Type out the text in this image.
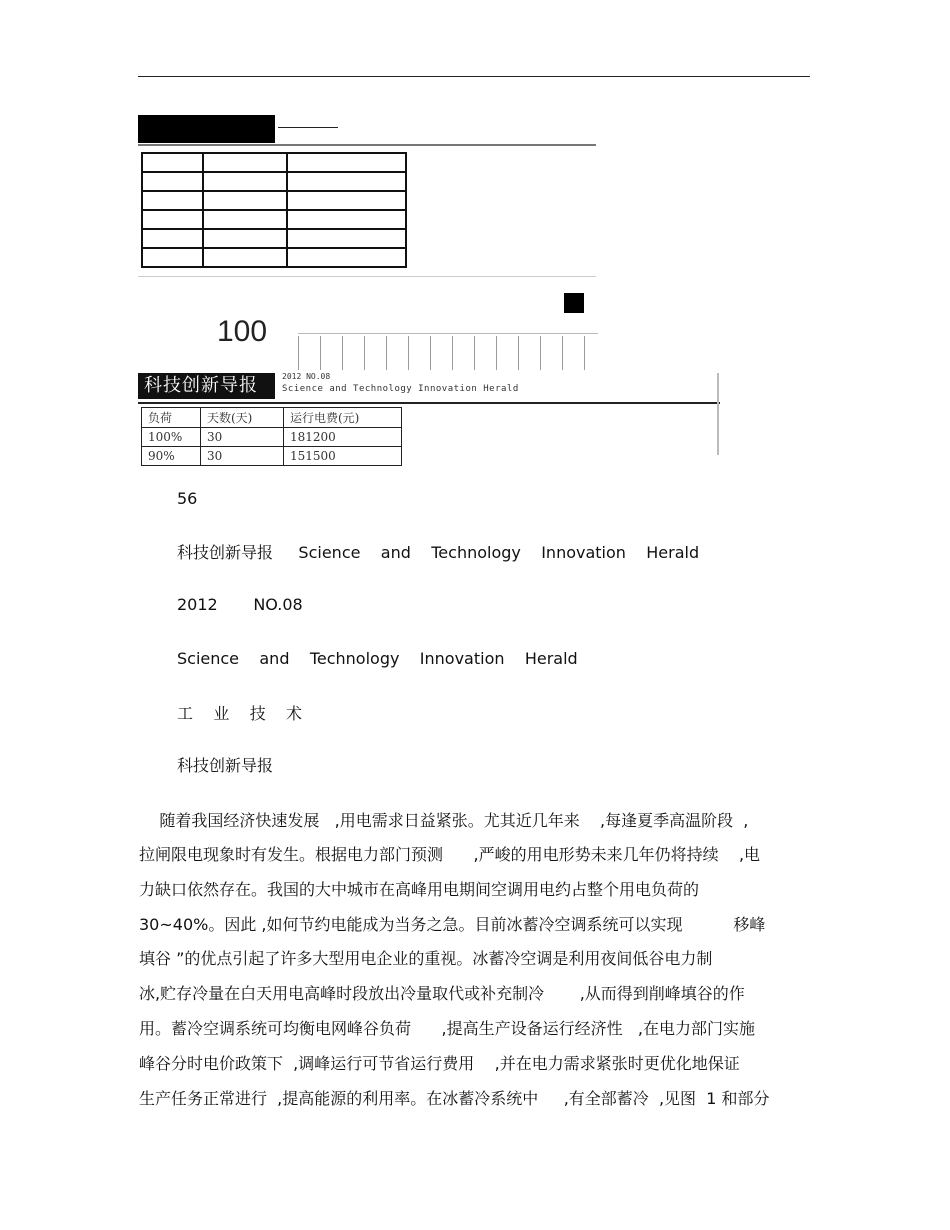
100
科技创新导报	2012 NO.08
Science and Technology Innovation Herald
负荷	天数(天)	运行电费(元)
100%	30	181200
90%	30	151500
56
科技创新导报     Science    and    Technology    Innovation    Herald
2012       NO.08
Science    and    Technology    Innovation    Herald
工    业    技    术
科技创新导报
随着我国经济快速发展   ,用电需求日益紧张。尤其近几年来    ,每逢夏季高温阶段  ,
拉闸限电现象时有发生。根据电力部门预测      ,严峻的用电形势未来几年仍将持续    ,电
力缺口依然存在。我国的大中城市在高峰用电期间空调用电约占整个用电负荷的
30~40%。因此 ,如何节约电能成为当务之急。目前冰蓄冷空调系统可以实现          移峰
填谷 ”的优点引起了许多大型用电企业的重视。冰蓄冷空调是利用夜间低谷电力制
冰,贮存冷量在白天用电高峰时段放出冷量取代或补充制冷       ,从而得到削峰填谷的作
用。蓄冷空调系统可均衡电网峰谷负荷      ,提高生产设备运行经济性   ,在电力部门实施
峰谷分时电价政策下  ,调峰运行可节省运行费用    ,并在电力需求紧张时更优化地保证
生产任务正常进行  ,提高能源的利用率。在冰蓄冷系统中     ,有全部蓄冷  ,见图  1 和部分
